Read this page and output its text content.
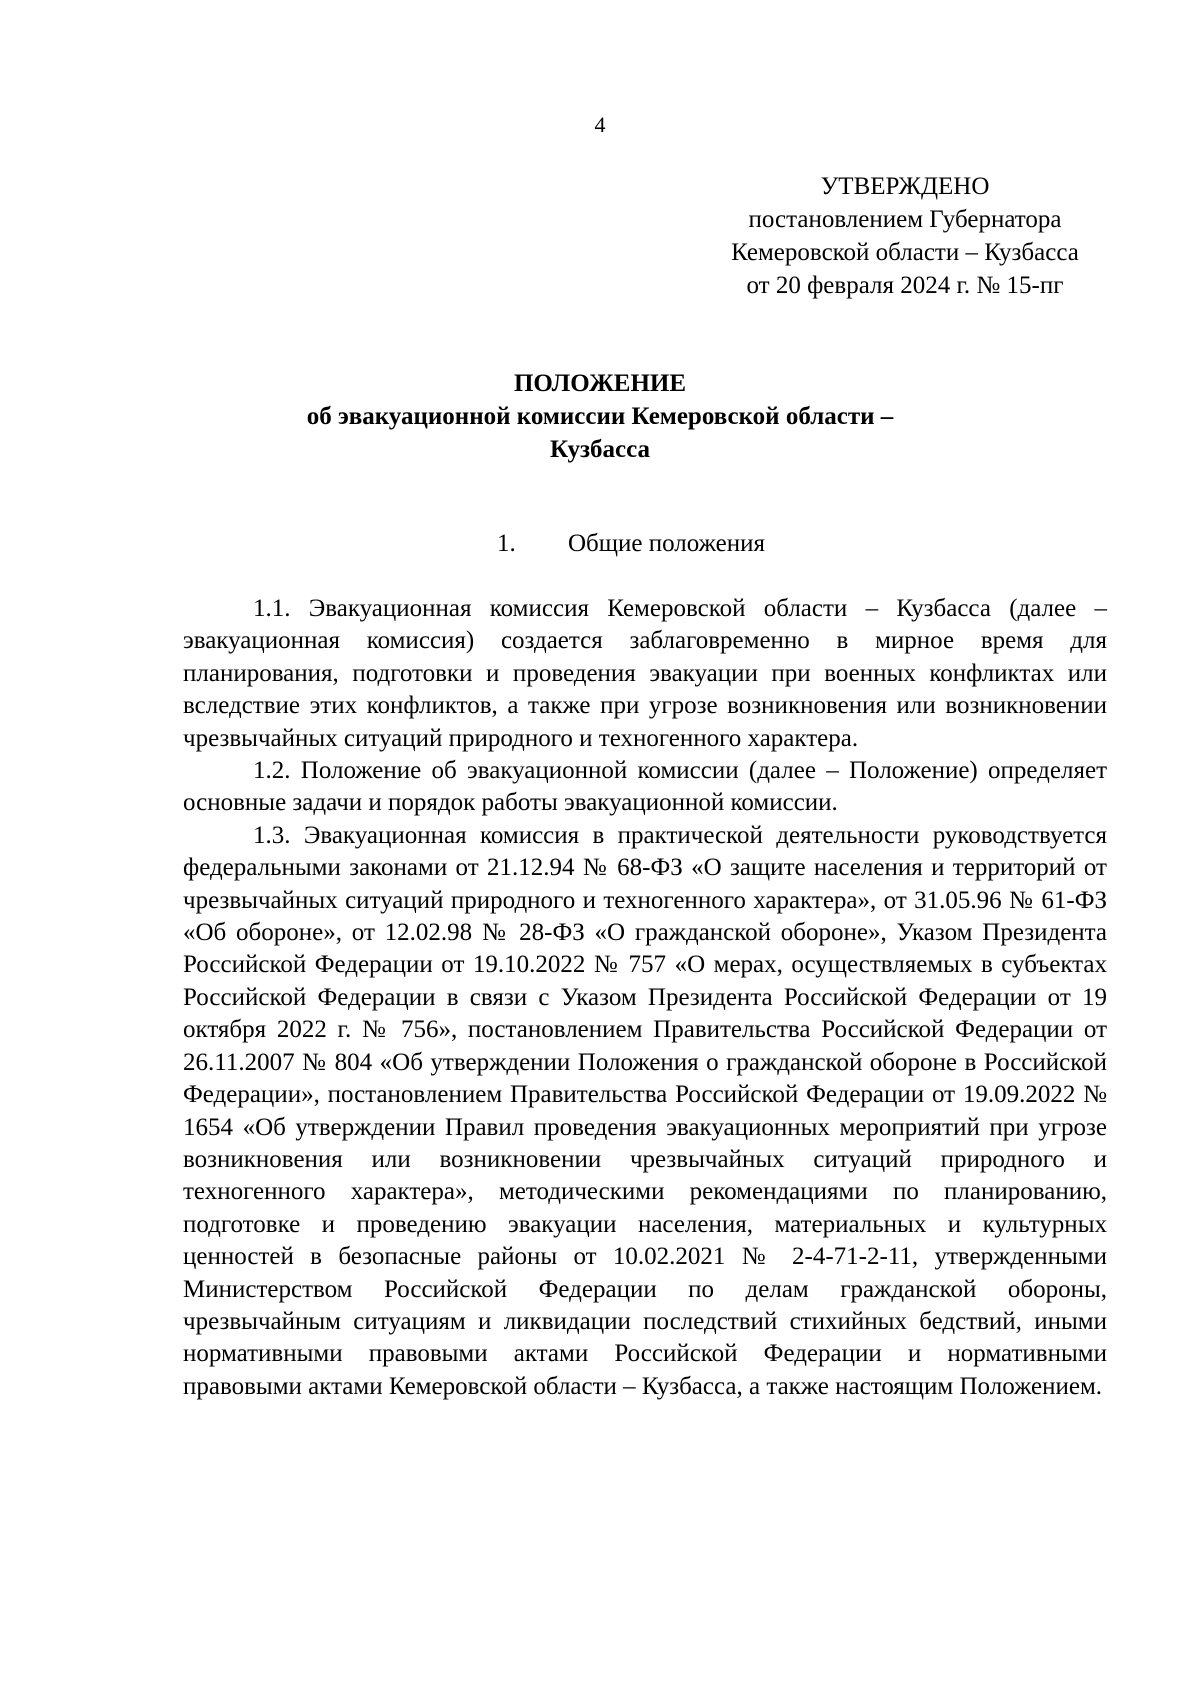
4
УТВЕРЖДЕНО
постановлением Губернатора
Кемеровской области – Кузбасса
от 20 февраля 2024 г. № 15-пг
ПОЛОЖЕНИЕ
об эвакуационной комиссии Кемеровской области –
Кузбасса
1. Общие положения

1.1. Эвакуационная комиссия Кемеровской области – Кузбасса (далее – эвакуационная комиссия) создается заблаговременно в мирное время для планирования, подготовки и проведения эвакуации при военных конфликтах или вследствие этих конфликтов, а также при угрозе возникновения или возникновении чрезвычайных ситуаций природного и техногенного характера.

1.2. Положение об эвакуационной комиссии (далее – Положение) определяет основные задачи и порядок работы эвакуационной комиссии.

1.3. Эвакуационная комиссия в практической деятельности руководствуется федеральными законами от 21.12.94 № 68-ФЗ «О защите населения и территорий от чрезвычайных ситуаций природного и техногенного характера», от 31.05.96 № 61-ФЗ «Об обороне», от 12.02.98 № 28-ФЗ «О гражданской обороне», Указом Президента Российской Федерации от 19.10.2022 № 757 «О мерах, осуществляемых в субъектах Российской Федерации в связи с Указом Президента Российской Федерации от 19 октября 2022 г. № 756», постановлением Правительства Российской Федерации от 26.11.2007 № 804 «Об утверждении Положения о гражданской обороне в Российской Федерации», постановлением Правительства Российской Федерации от 19.09.2022 № 1654 «Об утверждении Правил проведения эвакуационных мероприятий при угрозе возникновения или возникновении чрезвычайных ситуаций природного и техногенного характера», методическими рекомендациями по планированию, подготовке и проведению эвакуации населения, материальных и культурных ценностей в безопасные районы от 10.02.2021 № 2-4-71-2-11, утвержденными Министерством Российской Федерации по делам гражданской обороны, чрезвычайным ситуациям и ликвидации последствий стихийных бедствий, иными нормативными правовыми актами Российской Федерации и нормативными правовыми актами Кемеровской области – Кузбасса, а также настоящим Положением.
